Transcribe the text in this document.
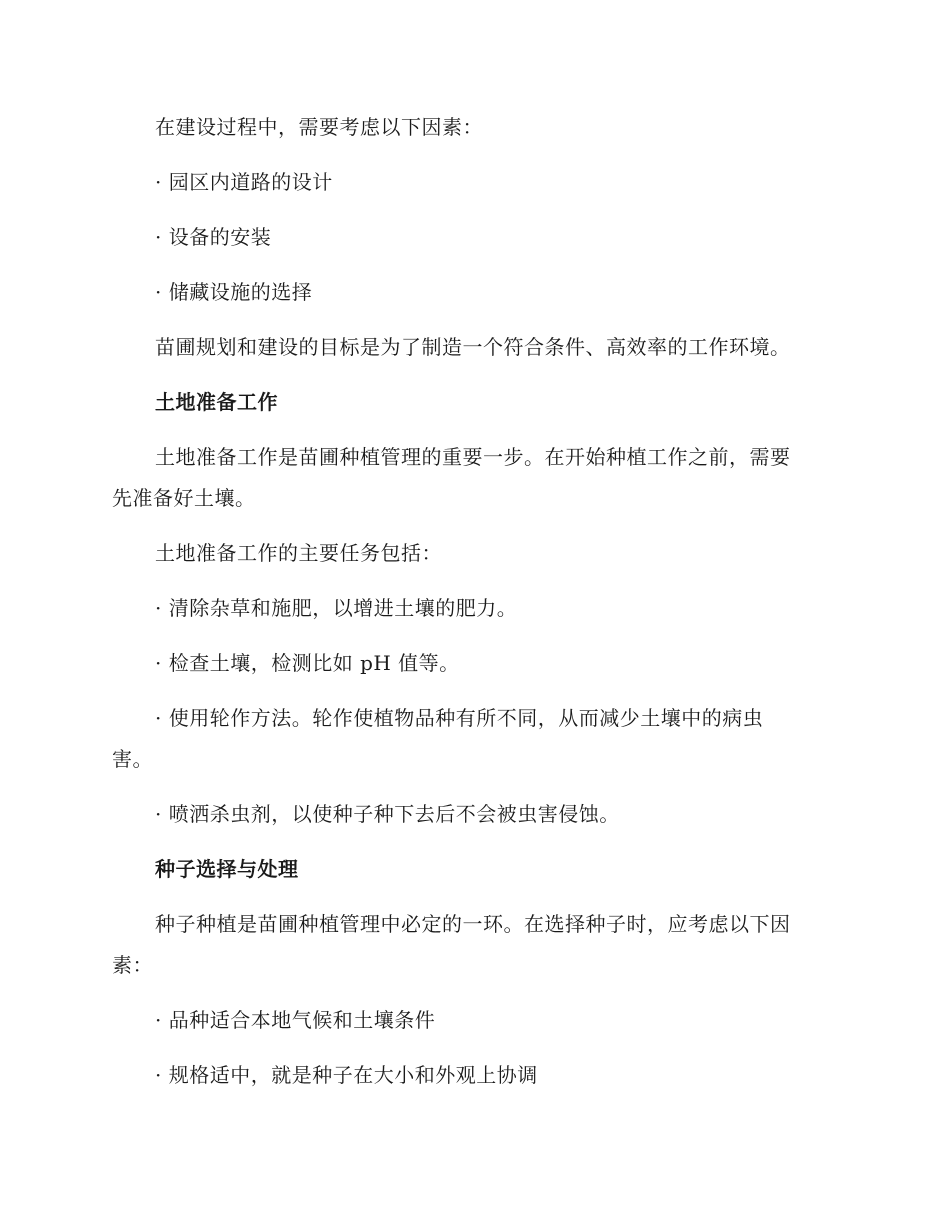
在建设过程中，需要考虑以下因素：
· 园区内道路的设计
· 设备的安装
· 储藏设施的选择
苗圃规划和建设的目标是为了制造一个符合条件、高效率的工作环境。
土地准备工作
土地准备工作是苗圃种植管理的重要一步。在开始种植工作之前，需要
先准备好土壤。
土地准备工作的主要任务包括：
· 清除杂草和施肥，以增进土壤的肥力。
· 检查土壤，检测比如 pH 值等。
· 使用轮作方法。轮作使植物品种有所不同，从而减少土壤中的病虫
害。
· 喷洒杀虫剂，以使种子种下去后不会被虫害侵蚀。
种子选择与处理
种子种植是苗圃种植管理中必定的一环。在选择种子时，应考虑以下因
素：
· 品种适合本地气候和土壤条件
· 规格适中，就是种子在大小和外观上协调
